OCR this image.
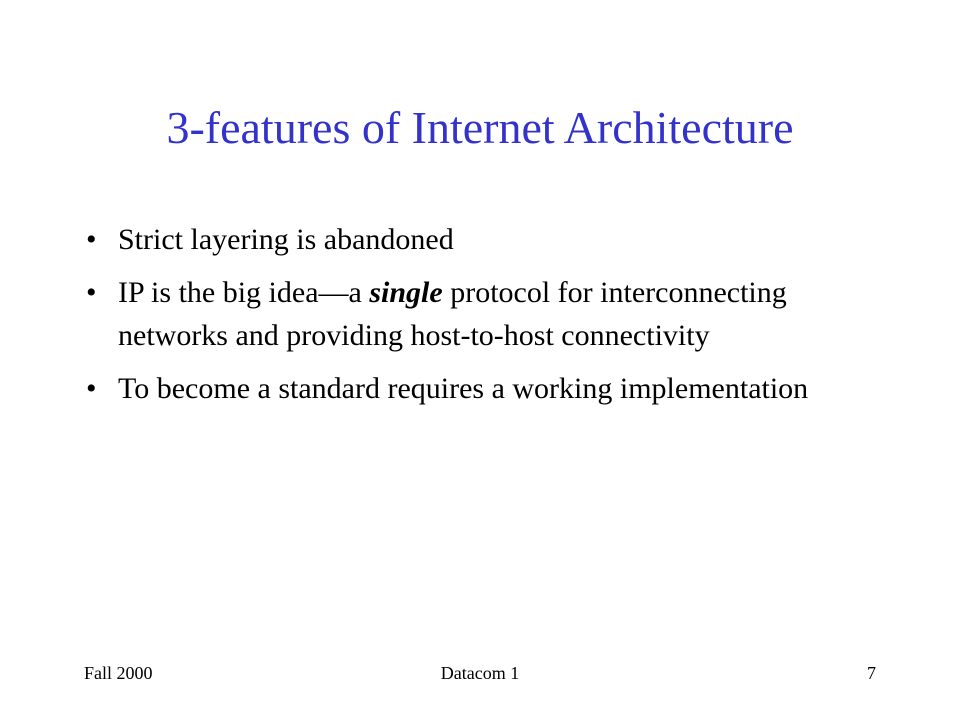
3-features of Internet Architecture
• Strict layering is abandoned
• IP is the big idea—a single protocol for interconnecting networks and providing host-to-host connectivity
• To become a standard requires a working implementation
Fall 2000	Datacom 1	7
